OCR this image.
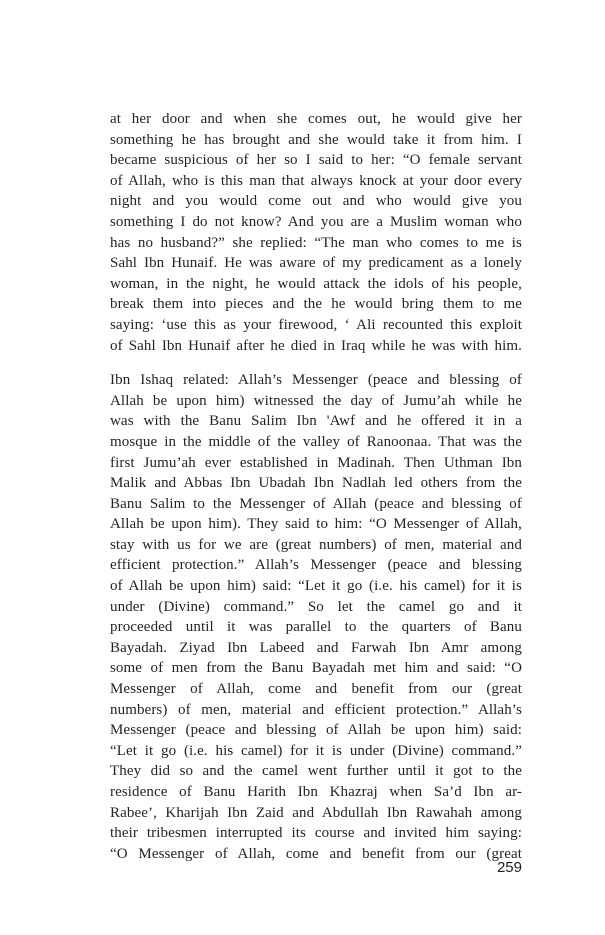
at her door and when she comes out, he would give her
something he has brought and she would take it from him. I
became suspicious of her so I said to her: “O female servant
of Allah, who is this man that always knock at your door every
night and you would come out and who would give you
something I do not know? And you are a Muslim woman who
has no husband?” she replied: “The man who comes to me is
Sahl Ibn Hunaif. He was aware of my predicament as a lonely
woman, in the night, he would attack the idols of his people,
break them into pieces and the he would bring them to me
saying: ‘use this as your firewood, ‘ Ali recounted this exploit
of Sahl Ibn Hunaif after he died in Iraq while he was with him.
Ibn Ishaq related: Allah’s Messenger (peace and blessing of
Allah be upon him) witnessed the day of Jumu’ah while he
was with the Banu Salim Ibn 'Awf and he offered it in a
mosque in the middle of the valley of Ranoonaa. That was the
first Jumu’ah ever established in Madinah. Then Uthman Ibn
Malik and Abbas Ibn Ubadah Ibn Nadlah led others from the
Banu Salim to the Messenger of Allah (peace and blessing of
Allah be upon him). They said to him: “O Messenger of Allah,
stay with us for we are (great numbers) of men, material and
efficient protection.” Allah’s Messenger (peace and blessing
of Allah be upon him) said: “Let it go (i.e. his camel) for it is
under (Divine) command.” So let the camel go and it
proceeded until it was parallel to the quarters of Banu
Bayadah. Ziyad Ibn Labeed and Farwah Ibn Amr among
some of men from the Banu Bayadah met him and said: “O
Messenger of Allah, come and benefit from our (great
numbers) of men, material and efficient protection.” Allah’s
Messenger (peace and blessing of Allah be upon him) said:
“Let it go (i.e. his camel) for it is under (Divine) command.”
They did so and the camel went further until it got to the
residence of Banu Harith Ibn Khazraj when Sa’d Ibn ar-
Rabee’, Kharijah Ibn Zaid and Abdullah Ibn Rawahah among
their tribesmen interrupted its course and invited him saying:
“O Messenger of Allah, come and benefit from our (great
259
